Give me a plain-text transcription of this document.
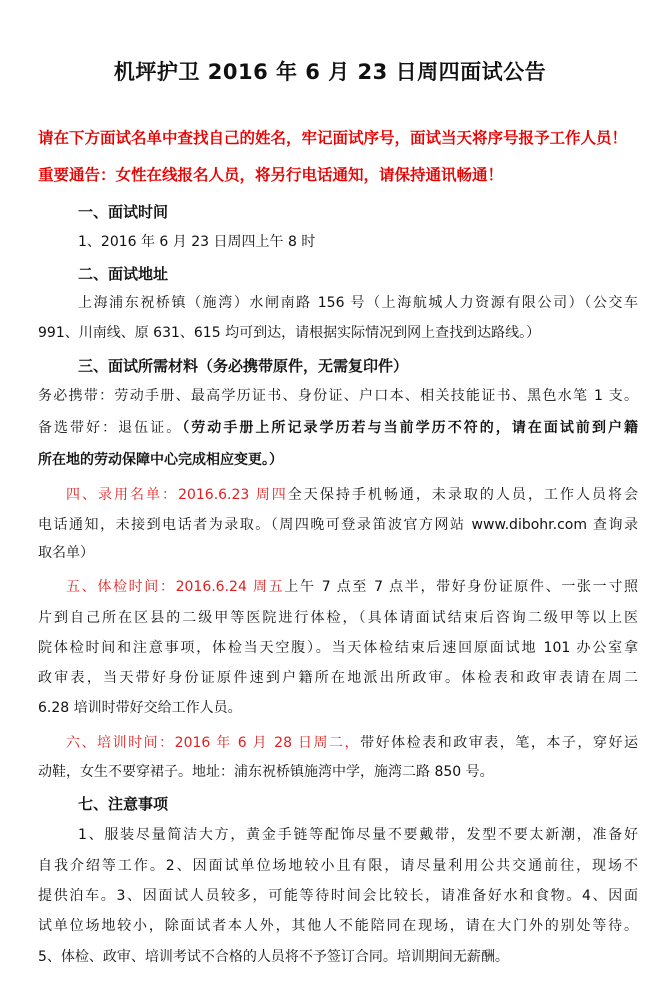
机坪护卫 2016 年 6 月 23 日周四面试公告
请在下方面试名单中查找自己的姓名，牢记面试序号，面试当天将序号报予工作人员！
重要通告：女性在线报名人员，将另行电话通知，请保持通讯畅通！
一、面试时间
1、2016 年 6 月 23 日周四上午 8 时
二、面试地址
上海浦东祝桥镇（施湾）水闸南路 156 号（上海航城人力资源有限公司）（公交车
991、川南线、原 631、615 均可到达，请根据实际情况到网上查找到达路线。）
三、面试所需材料（务必携带原件，无需复印件）
务必携带：劳动手册、最高学历证书、身份证、户口本、相关技能证书、黑色水笔 1 支。
备选带好：退伍证。（劳动手册上所记录学历若与当前学历不符的，请在面试前到户籍
所在地的劳动保障中心完成相应变更。）
四、录用名单：2016.6.23 周四全天保持手机畅通，未录取的人员，工作人员将会
电话通知，未接到电话者为录取。（周四晚可登录笛波官方网站 www.dibohr.com 查询录
取名单）
五、体检时间：2016.6.24 周五上午 7 点至 7 点半，带好身份证原件、一张一寸照
片到自己所在区县的二级甲等医院进行体检，（具体请面试结束后咨询二级甲等以上医
院体检时间和注意事项，体检当天空腹）。当天体检结束后速回原面试地 101 办公室拿
政审表，当天带好身份证原件速到户籍所在地派出所政审。体检表和政审表请在周二
6.28 培训时带好交给工作人员。
六、培训时间：2016 年 6 月 28 日周二，带好体检表和政审表，笔，本子，穿好运
动鞋，女生不要穿裙子。地址：浦东祝桥镇施湾中学，施湾二路 850 号。
七、注意事项
1、服装尽量简洁大方，黄金手链等配饰尽量不要戴带，发型不要太新潮，准备好
自我介绍等工作。2、因面试单位场地较小且有限，请尽量利用公共交通前往，现场不
提供泊车。3、因面试人员较多，可能等待时间会比较长，请准备好水和食物。4、因面
试单位场地较小，除面试者本人外，其他人不能陪同在现场，请在大门外的别处等待。
5、体检、政审、培训考试不合格的人员将不予签订合同。培训期间无薪酬。
